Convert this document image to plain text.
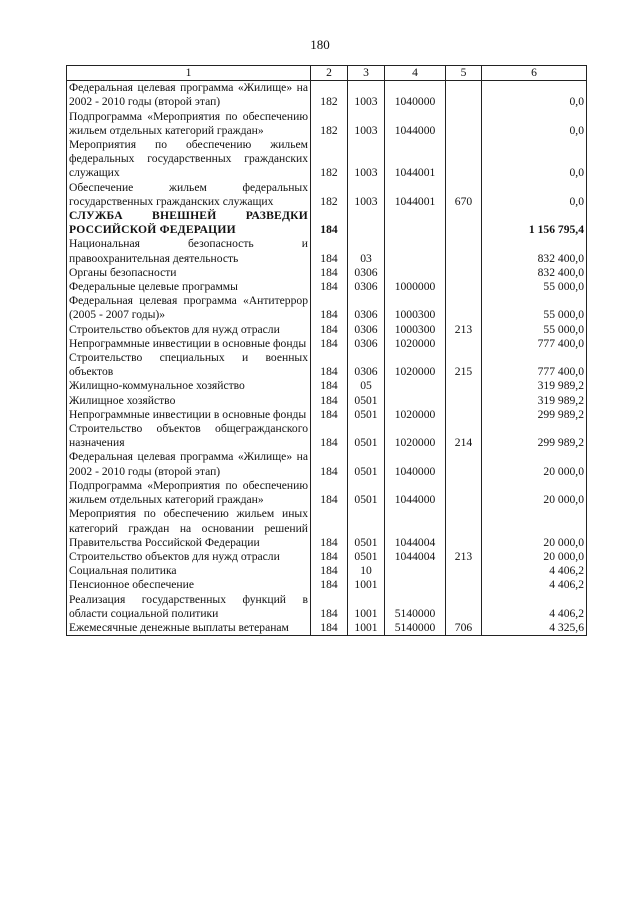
180
1	2	3	4	5	6
Федеральная целевая программа «Жилище» на 2002 - 2010 годы (второй этап)	182	1003	1040000		0,0
Подпрограмма «Мероприятия по обеспечению жильем отдельных категорий граждан»	182	1003	1044000		0,0
Мероприятия по обеспечению жильем федеральных государственных гражданских служащих	182	1003	1044001		0,0
Обеспечение жильем федеральных государственных гражданских служащих	182	1003	1044001	670	0,0
СЛУЖБА ВНЕШНЕЙ РАЗВЕДКИ РОССИЙСКОЙ ФЕДЕРАЦИИ	184				1 156 795,4
Национальная безопасность и правоохранительная деятельность	184	03			832 400,0
Органы безопасности	184	0306			832 400,0
Федеральные целевые программы	184	0306	1000000		55 000,0
Федеральная целевая программа «Антитеррор (2005 - 2007 годы)»	184	0306	1000300		55 000,0
Строительство объектов для нужд отрасли	184	0306	1000300	213	55 000,0
Непрограммные инвестиции в основные фонды	184	0306	1020000		777 400,0
Строительство специальных и военных объектов	184	0306	1020000	215	777 400,0
Жилищно-коммунальное хозяйство	184	05			319 989,2
Жилищное хозяйство	184	0501			319 989,2
Непрограммные инвестиции в основные фонды	184	0501	1020000		299 989,2
Строительство объектов общегражданского назначения	184	0501	1020000	214	299 989,2
Федеральная целевая программа «Жилище» на 2002 - 2010 годы (второй этап)	184	0501	1040000		20 000,0
Подпрограмма «Мероприятия по обеспечению жильем отдельных категорий граждан»	184	0501	1044000		20 000,0
Мероприятия по обеспечению жильем иных категорий граждан на основании решений Правительства Российской Федерации	184	0501	1044004		20 000,0
Строительство объектов для нужд отрасли	184	0501	1044004	213	20 000,0
Социальная политика	184	10			4 406,2
Пенсионное обеспечение	184	1001			4 406,2
Реализация государственных функций в области социальной политики	184	1001	5140000		4 406,2
Ежемесячные денежные выплаты ветеранам	184	1001	5140000	706	4 325,6
